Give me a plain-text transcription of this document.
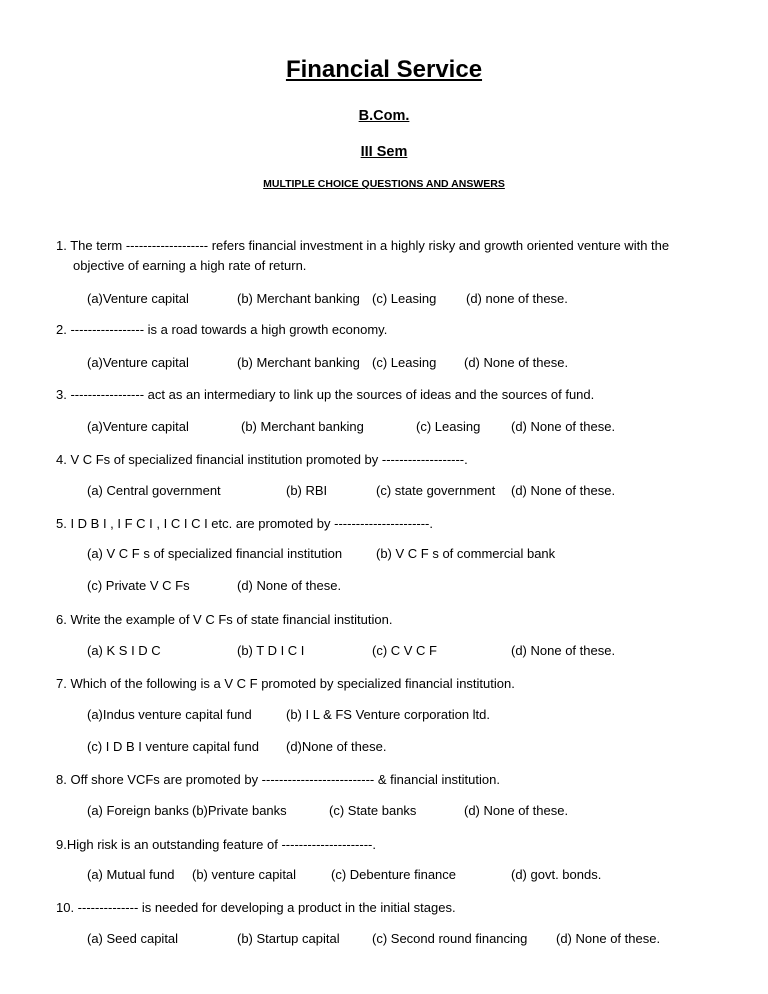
Financial Service
B.Com.
III Sem
MULTIPLE CHOICE QUESTIONS AND ANSWERS
1. The term ------------------- refers financial investment in a highly risky and growth oriented venture with the
objective of earning a high rate of return.
(a)Venture capital	(b) Merchant banking (c) Leasing (d) none of these.
2. ----------------- is a road towards a high growth economy.
(a)Venture capital	(b) Merchant banking (c) Leasing (d) None of these.
3. ----------------- act as an intermediary to link up the sources of ideas and the sources of fund.
(a)Venture capital	(b) Merchant banking	(c) Leasing (d) None of these.
4. V C Fs of specialized financial institution promoted by -------------------.
(a) Central government	(b) RBI	(c) state government (d) None of these.
5. I D B I , I F C I , I C I C I etc. are promoted by ----------------------.
(a) V C F s of specialized financial institution	(b) V C F s of commercial bank
(c) Private V C Fs	(d) None of these.
6. Write the example of V C Fs of state financial institution.
(a) K S I D C	(b) T D I C I	(c) C V C F	(d) None of these.
7. Which of the following is a V C F promoted by specialized financial institution.
(a)Indus venture capital fund	(b) I L & FS Venture corporation ltd.
(c) I D B I venture capital fund (d)None of these.
8. Off shore VCFs are promoted by -------------------------- & financial institution.
(a) Foreign banks (b)Private banks	(c) State banks	(d) None of these.
9.High risk is an outstanding feature of ---------------------.
(a) Mutual fund (b) venture capital	(c) Debenture finance	(d) govt. bonds.
10. -------------- is needed for developing a product in the initial stages.
(a) Seed capital	(b) Startup capital (c) Second round financing (d) None of these.
